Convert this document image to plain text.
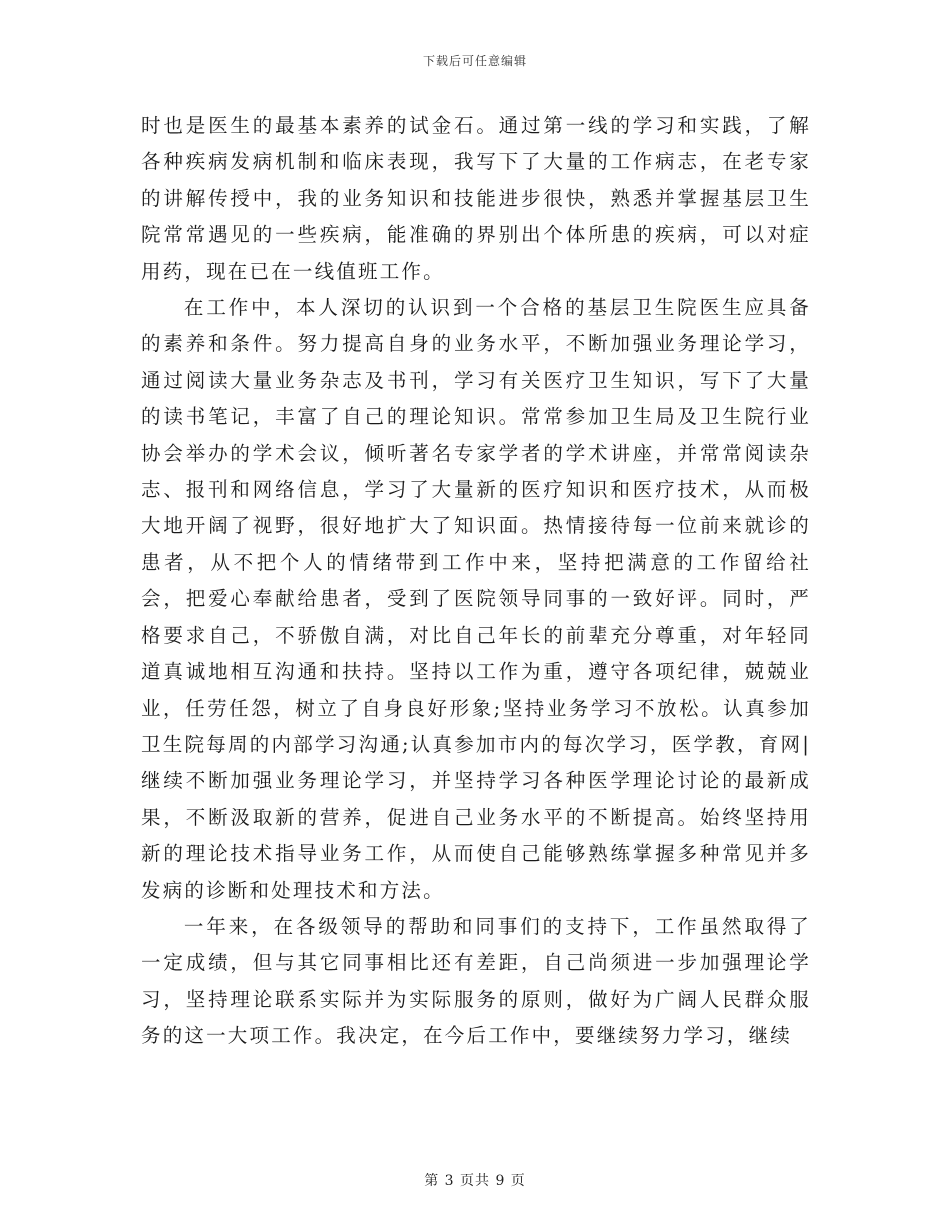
下载后可任意编辑

时也是医生的最基本素养的试金石。通过第一线的学习和实践，了解各种疾病发病机制和临床表现，我写下了大量的工作病志，在老专家的讲解传授中，我的业务知识和技能进步很快，熟悉并掌握基层卫生院常常遇见的一些疾病，能准确的界别出个体所患的疾病，可以对症用药，现在已在一线值班工作。

在工作中，本人深切的认识到一个合格的基层卫生院医生应具备的素养和条件。努力提高自身的业务水平，不断加强业务理论学习，通过阅读大量业务杂志及书刊，学习有关医疗卫生知识，写下了大量的读书笔记，丰富了自己的理论知识。常常参加卫生局及卫生院行业协会举办的学术会议，倾听著名专家学者的学术讲座，并常常阅读杂志、报刊和网络信息，学习了大量新的医疗知识和医疗技术，从而极大地开阔了视野，很好地扩大了知识面。热情接待每一位前来就诊的患者，从不把个人的情绪带到工作中来，坚持把满意的工作留给社会，把爱心奉献给患者，受到了医院领导同事的一致好评。同时，严格要求自己，不骄傲自满，对比自己年长的前辈充分尊重，对年轻同道真诚地相互沟通和扶持。坚持以工作为重，遵守各项纪律，兢兢业业，任劳任怨，树立了自身良好形象;坚持业务学习不放松。认真参加卫生院每周的内部学习沟通;认真参加市内的每次学习，医学教，育网|继续不断加强业务理论学习，并坚持学习各种医学理论讨论的最新成果，不断汲取新的营养，促进自己业务水平的不断提高。始终坚持用新的理论技术指导业务工作，从而使自己能够熟练掌握多种常见并多发病的诊断和处理技术和方法。

一年来，在各级领导的帮助和同事们的支持下，工作虽然取得了一定成绩，但与其它同事相比还有差距，自己尚须进一步加强理论学习，坚持理论联系实际并为实际服务的原则，做好为广阔人民群众服务的这一大项工作。我决定，在今后工作中，要继续努力学习，继续

第 3 页共 9 页
